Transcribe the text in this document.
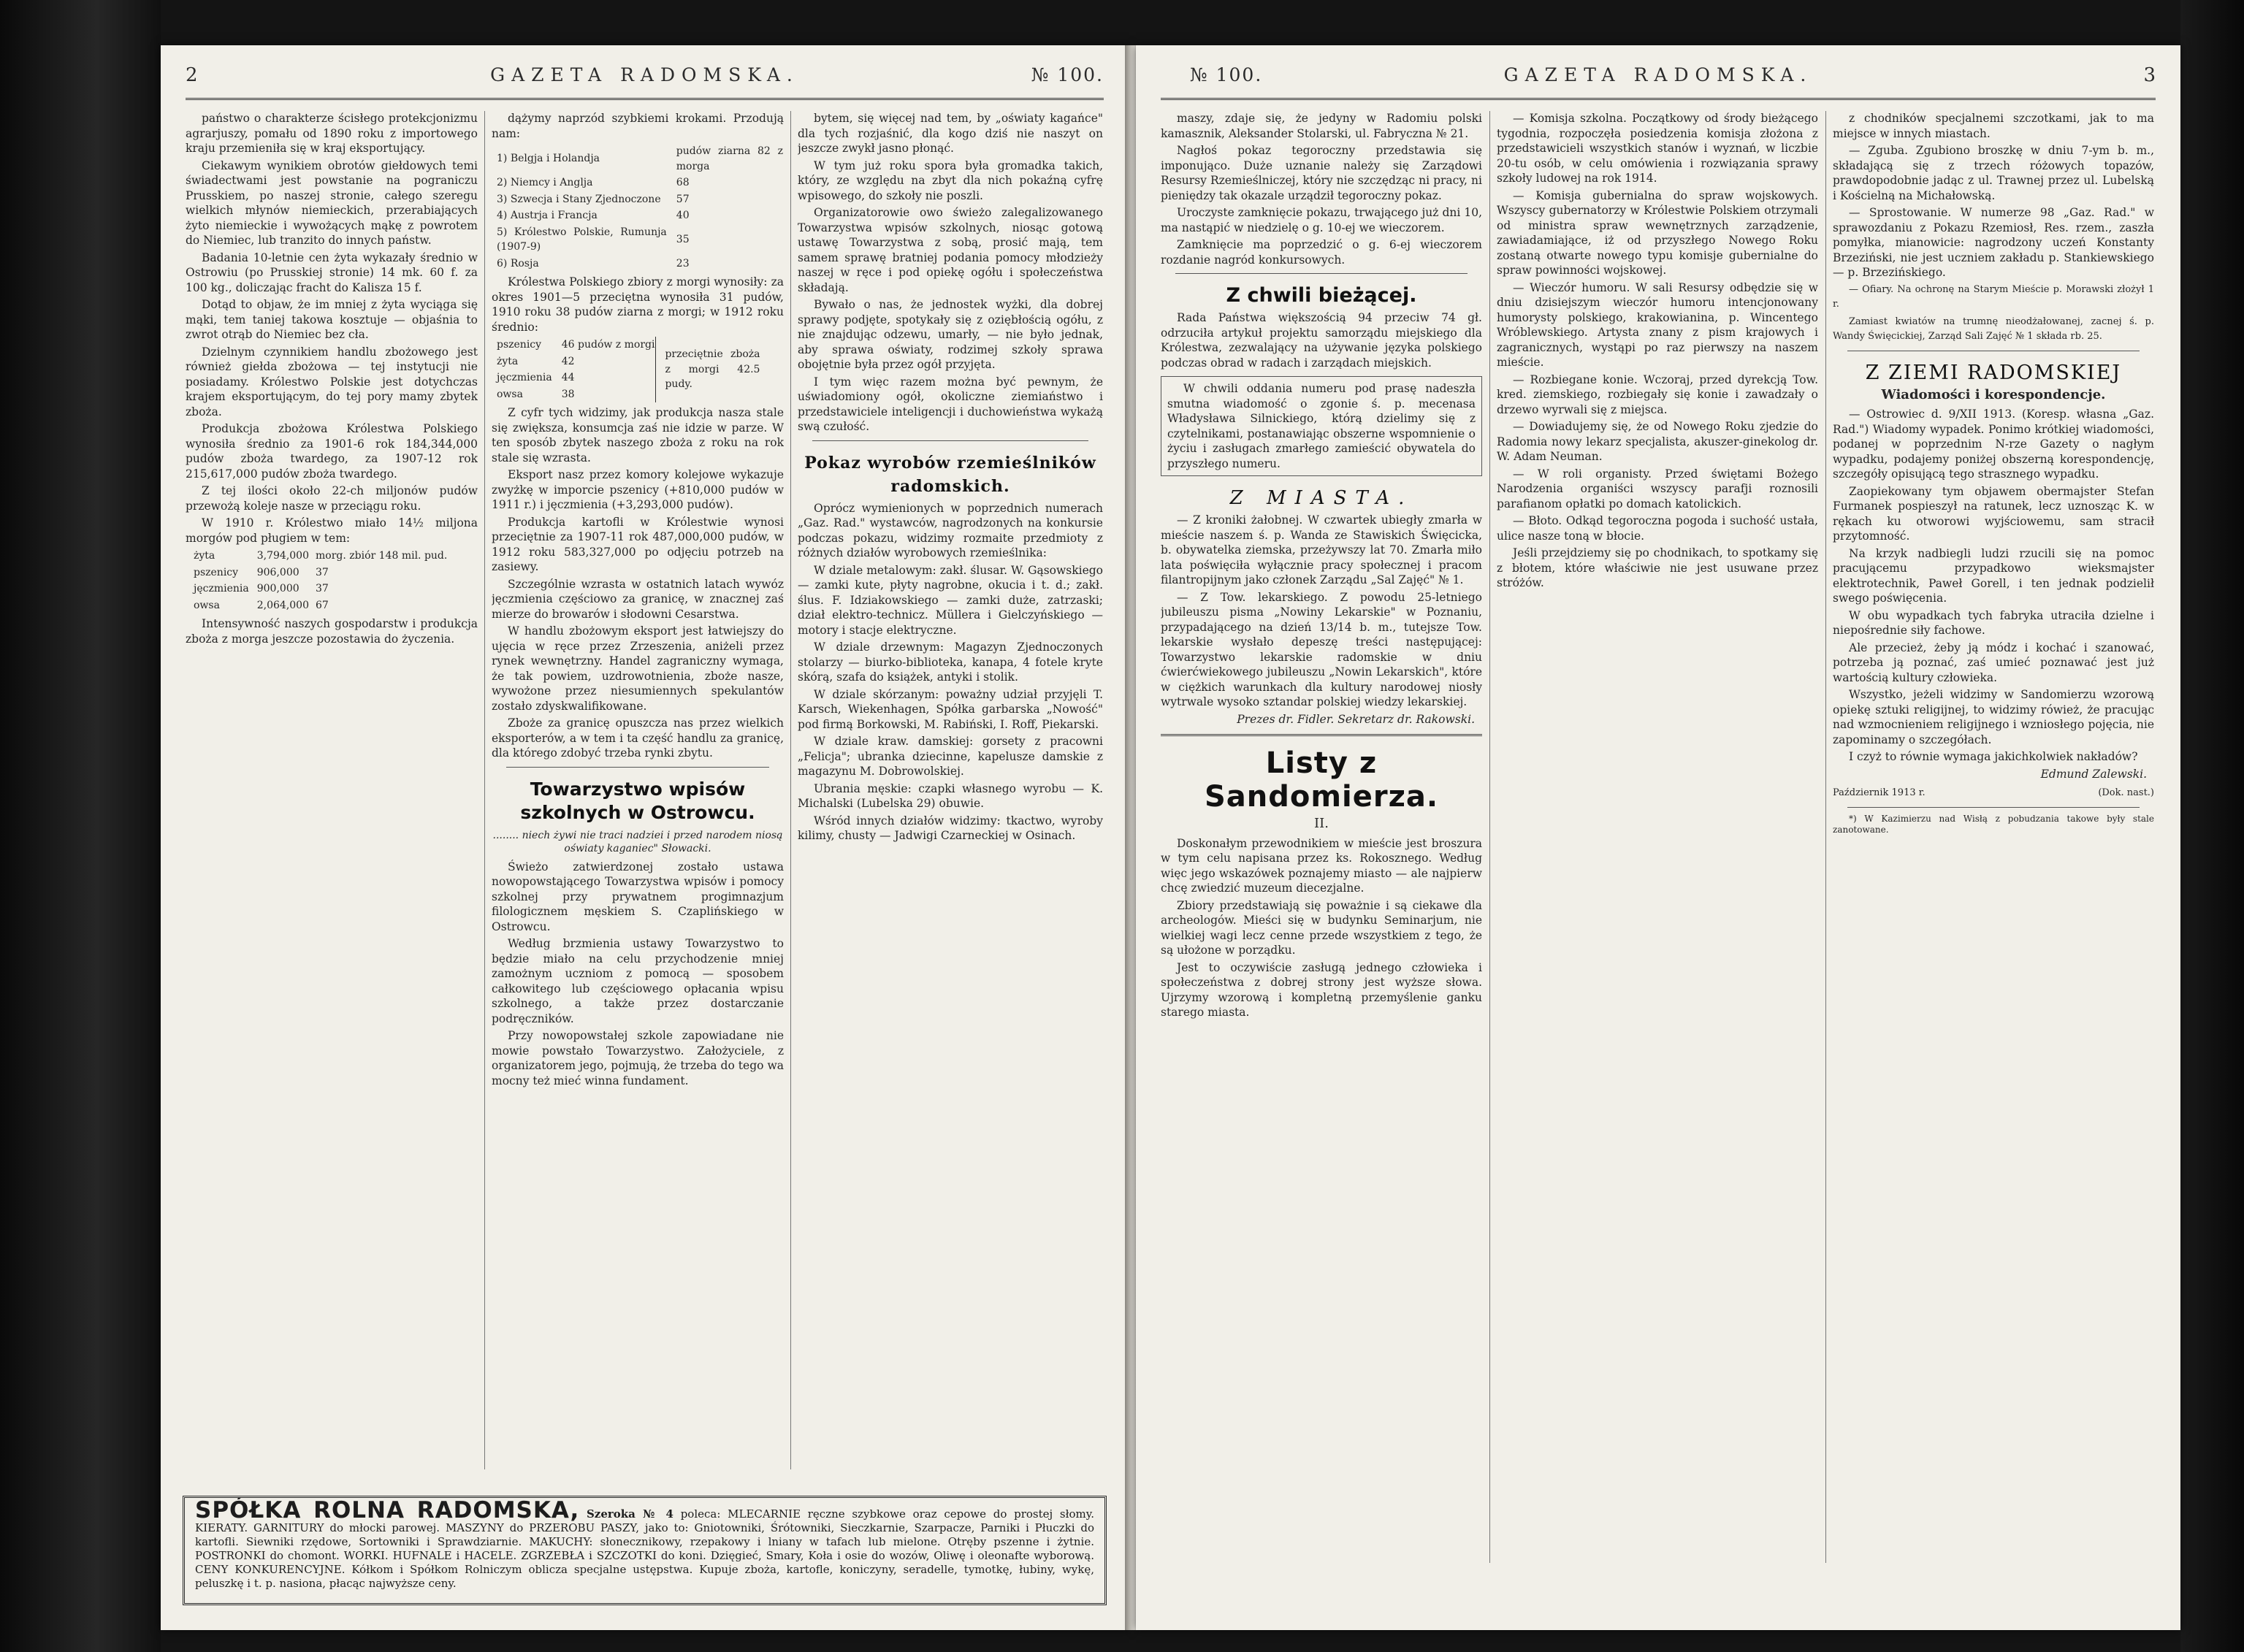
2	GAZETA RADOMSKA.	№ 100.

państwo o charakterze ścisłego protekcjonizmu agrarjuszy, pomału od 1890 roku z importowego kraju przemieniła się w kraj eksportujący.

Ciekawym wynikiem obrotów giełdowych temi świadectwami jest powstanie na pograniczu Prusskiem, po naszej stronie, całego szeregu wielkich młynów niemieckich, przerabiających żyto niemieckie i wywożących mąkę z powrotem do Niemiec, lub tranzito do innych państw.

Badania 10-letnie cen żyta wykazały średnio w Ostrowiu (po Prusskiej stronie) 14 mk. 60 f. za 100 kg., doliczając fracht do Kalisza 15 f.

Dotąd to objaw, że im mniej z żyta wyciąga się mąki, tem taniej takowa kosztuje — objaśnia to zwrot otrąb do Niemiec bez cła.

Dzielnym czynnikiem handlu zbożowego jest również giełda zbożowa — tej instytucji nie posiadamy. Królestwo Polskie jest dotychczas krajem eksportującym, do tej pory mamy zbytek zboża.

Produkcja zbożowa Królestwa Polskiego wynosiła średnio za 1901-6 rok 184,344,000 pudów zboża twardego, za 1907-12 rok 215,617,000 pudów zboża twardego.

Z tej ilości około 22-ch miljonów pudów przewożą koleje nasze w przeciągu roku.

W 1910 r. Królestwo miało 14½ miljona morgów pod pługiem w tem:

żyta	3,794,000	morg. zbiór 148 mil. pud.
pszenicy	906,000	37
jęczmienia	900,000	37
owsa	2,064,000	67

Intensywność naszych gospodarstw i produkcja zboża z morga jeszcze pozostawia do życzenia.

dążymy naprzód szybkiemi krokami. Przodują nam:

1) Belgja i Holandja	pudów ziarna 82 z morga
2) Niemcy i Anglja	68
3) Szwecja i Stany Zjednoczone	57
4) Austrja i Francja	40
5) Królestwo Polskie, Rumunja (1907-9)	35
6) Rosja	23

Królestwa Polskiego zbiory z morgi wynosiły: za okres 1901—5 przeciętna wynosiła 31 pudów, 1910 roku 38 pudów ziarna z morgi; w 1912 roku średnio:

pszenicy	46 pudów z morgi	przeciętnie zboża z morgi 42.5 pudy.
żyta	42	
jęczmienia	44	
owsa	38	

Z cyfr tych widzimy, jak produkcja nasza stale się zwiększa, konsumcja zaś nie idzie w parze. W ten sposób zbytek naszego zboża z roku na rok stale się wzrasta.

Eksport nasz przez komory kolejowe wykazuje zwyżkę w imporcie pszenicy (+810,000 pudów w 1911 r.) i jęczmienia (+3,293,000 pudów).

Produkcja kartofli w Królestwie wynosi przeciętnie za 1907-11 rok 487,000,000 pudów, w 1912 roku 583,327,000 po odjęciu potrzeb na zasiewy.

Szczególnie wzrasta w ostatnich latach wywóz jęczmienia częściowo za granicę, w znacznej zaś mierze do browarów i słodowni Cesarstwa.

W handlu zbożowym eksport jest łatwiejszy do ujęcia w ręce przez Zrzeszenia, aniżeli przez rynek wewnętrzny. Handel zagraniczny wymaga, że tak powiem, uzdrowotnienia, zboże nasze, wywożone przez niesumiennych spekulantów zostało zdyskwalifikowane.

Zboże za granicę opuszcza nas przez wielkich eksporterów, a w tem i ta część handlu za granicę, dla którego zdobyć trzeba rynki zbytu.

Towarzystwo wpisów szkolnych w Ostrowcu.
........ niech żywi nie traci nadziei i przed narodem niosą oświaty kaganiec" Słowacki.

Świeżo zatwierdzonej zostało ustawa nowopowstającego Towarzystwa wpisów i pomocy szkolnej przy prywatnem progimnazjum filologicznem męskiem S. Czaplińskiego w Ostrowcu.

Według brzmienia ustawy Towarzystwo to będzie miało na celu przychodzenie mniej zamożnym uczniom z pomocą — sposobem całkowitego lub częściowego opłacania wpisu szkolnego, a także przez dostarczanie podręczników.

Przy nowopowstałej szkole zapowiadane nie mowie powstało Towarzystwo. Założyciele, z organizatorem jego, pojmują, że trzeba do tego wa mocny też mieć winna fundament.

bytem, się więcej nad tem, by „oświaty kagańce" dla tych rozjaśnić, dla kogo dziś nie naszyt on jeszcze zwykł jasno płonąć.

W tym już roku spora była gromadka takich, który, ze względu na zbyt dla nich pokaźną cyfrę wpisowego, do szkoły nie poszli.

Organizatorowie owo świeżo zalegalizowanego Towarzystwa wpisów szkolnych, niosąc gotową ustawę Towarzystwa z sobą, prosić mają, tem samem sprawę bratniej podania pomocy młodzieży naszej w ręce i pod opiekę ogółu i społeczeństwa składają.

Bywało o nas, że jednostek wyżki, dla dobrej sprawy podjęte, spotykały się z oziębłością ogółu, z nie znajdując odzewu, umarły, — nie było jednak, aby sprawa oświaty, rodzimej szkoły sprawa obojętnie była przez ogół przyjęta.

I tym więc razem można być pewnym, że uświadomiony ogół, okoliczne ziemiaństwo i przedstawiciele inteligencji i duchowieństwa wykażą swą czułość.

Pokaz wyrobów rzemieślników radomskich.

Oprócz wymienionych w poprzednich numerach „Gaz. Rad." wystawców, nagrodzonych na konkursie podczas pokazu, widzimy rozmaite przedmioty z różnych działów wyrobowych rzemieślnika:

W dziale metalowym: zakł. ślusar. W. Gąsowskiego — zamki kute, płyty nagrobne, okucia i t. d.; zakł. ślus. F. Idziakowskiego — zamki duże, zatrzaski; dział elektro-technicz. Müllera i Gielczyńskiego — motory i stacje elektryczne.

W dziale drzewnym: Magazyn Zjednoczonych stolarzy — biurko-biblioteka, kanapa, 4 fotele kryte skórą, szafa do książek, antyki i stolik.

W dziale skórzanym: poważny udział przyjęli T. Karsch, Wiekenhagen, Spółka garbarska „Nowość" pod firmą Borkowski, M. Rabiński, I. Roff, Piekarski.

W dziale kraw. damskiej: gorsety z pracowni „Felicja"; ubranka dziecinne, kapelusze damskie z magazynu M. Dobrowolskiej.

Ubrania męskie: czapki własnego wyrobu — K. Michalski (Lubelska 29) obuwie.

Wśród innych działów widzimy: tkactwo, wyroby kilimy, chusty — Jadwigi Czarneckiej w Osinach.

SPÓŁKA ROLNA RADOMSKA, Szeroka № 4 poleca: MLECARNIE ręczne szybkowe oraz cepowe do prostej słomy. KIERATY. GARNITURY do młocki parowej. MASZYNY do PRZEROBU PASZY, jako to: Gniotowniki, Śrótowniki, Sieczkarnie, Szarpacze, Parniki i Płuczki do kartofli. Siewniki rzędowe, Sortowniki i Sprawdziarnie. MAKUCHY: słonecznikowy, rzepakowy i lniany w tafach lub mielone. Otręby pszenne i żytnie. POSTRONKI do chomont. WORKI. HUFNALE i HACELE. ZGRZEBŁA i SZCZOTKI do koni. Dzięgieć, Smary, Koła i osie do wozów, Oliwę i oleonafte wyborową. CENY KONKURENCYJNE. Kółkom i Spółkom Rolniczym oblicza specjalne ustępstwa. Kupuje zboża, kartofle, koniczyny, seradelle, tymotkę, łubiny, wykę, peluszkę i t. p. nasiona, płacąc najwyższe ceny.
№ 100.	GAZETA RADOMSKA.	3

maszy, zdaje się, że jedyny w Radomiu polski kamasznik, Aleksander Stolarski, ul. Fabryczna № 21.

Nagłoś pokaz tegoroczny przedstawia się imponująco. Duże uznanie należy się Zarządowi Resursy Rzemieślniczej, który nie szczędząc ni pracy, ni pieniędzy tak okazale urządził tegoroczny pokaz.

Uroczyste zamknięcie pokazu, trwającego już dni 10, ma nastąpić w niedzielę o g. 10-ej we wieczorem.

Zamknięcie ma poprzedzić o g. 6-ej wieczorem rozdanie nagród konkursowych.

Z chwili bieżącej.

Rada Państwa większością 94 przeciw 74 gł. odrzuciła artykuł projektu samorządu miejskiego dla Królestwa, zezwalający na używanie języka polskiego podczas obrad w radach i zarządach miejskich.

W chwili oddania numeru pod prasę nadeszła smutna wiadomość o zgonie ś. p. mecenasa Władysława Silnickiego, którą dzielimy się z czytelnikami, postanawiając obszerne wspomnienie o życiu i zasługach zmarłego zamieścić obywatela do przyszłego numeru.

Z MIASTA.

— Z kroniki żałobnej. W czwartek ubiegły zmarła w mieście naszem ś. p. Wanda ze Stawiskich Święcicka, b. obywatelka ziemska, przeżywszy lat 70. Zmarła miło lata poświęciła wyłącznie pracy społecznej i pracom filantropijnym jako członek Zarządu „Sal Zajęć" № 1.

— Z Tow. lekarskiego. Z powodu 25-letniego jubileuszu pisma „Nowiny Lekarskie" w Poznaniu, przypadającego na dzień 13/14 b. m., tutejsze Tow. lekarskie wysłało depeszę treści następującej: Towarzystwo lekarskie radomskie w dniu ćwierćwiekowego jubileuszu „Nowin Lekarskich", które w ciężkich warunkach dla kultury narodowej niosły wytrwale wysoko sztandar polskiej wiedzy lekarskiej.

Prezes dr. Fidler. Sekretarz dr. Rakowski.
Listy z Sandomierza.
II.

Doskonałym przewodnikiem w mieście jest broszura w tym celu napisana przez ks. Rokosznego. Według więc jego wskazówek poznajemy miasto — ale najpierw chcę zwiedzić muzeum diecezjalne.

Zbiory przedstawiają się poważnie i są ciekawe dla archeologów. Mieści się w budynku Seminarjum, nie wielkiej wagi lecz cenne przede wszystkiem z tego, że są ułożone w porządku.

Jest to oczywiście zasługą jednego człowieka i społeczeństwa z dobrej strony jest wyższe słowa. Ujrzymy wzorową i kompletną przemyślenie ganku starego miasta.

— Komisja szkolna. Początkowy od środy bieżącego tygodnia, rozpoczęła posiedzenia komisja złożona z przedstawicieli wszystkich stanów i wyznań, w liczbie 20-tu osób, w celu omówienia i rozwiązania sprawy szkoły ludowej na rok 1914.

— Komisja gubernialna do spraw wojskowych. Wszyscy gubernatorzy w Królestwie Polskiem otrzymali od ministra spraw wewnętrznych zarządzenie, zawiadamiające, iż od przyszłego Nowego Roku zostaną otwarte nowego typu komisje gubernialne do spraw powinności wojskowej.

— Wieczór humoru. W sali Resursy odbędzie się w dniu dzisiejszym wieczór humoru intencjonowany humorysty polskiego, krakowianina, p. Wincentego Wróblewskiego. Artysta znany z pism krajowych i zagranicznych, wystąpi po raz pierwszy na naszem mieście.

— Rozbiegane konie. Wczoraj, przed dyrekcją Tow. kred. ziemskiego, rozbiegały się konie i zawadzały o drzewo wyrwali się z miejsca.

— Dowiadujemy się, że od Nowego Roku zjedzie do Radomia nowy lekarz specjalista, akuszer-ginekolog dr. W. Adam Neuman.

— W roli organisty. Przed świętami Bożego Narodzenia organiści wszyscy parafji roznosili parafianom opłatki po domach katolickich.

— Błoto. Odkąd tegoroczna pogoda i suchość ustała, ulice nasze toną w błocie.

Jeśli przejdziemy się po chodnikach, to spotkamy się z błotem, które właściwie nie jest usuwane przez stróżów.

z chodników specjalnemi szczotkami, jak to ma miejsce w innych miastach.

— Zguba. Zgubiono broszkę w dniu 7-ym b. m., składającą się z trzech różowych topazów, prawdopodobnie jadąc z ul. Trawnej przez ul. Lubelską i Kościelną na Michałowską.

— Sprostowanie. W numerze 98 „Gaz. Rad." w sprawozdaniu z Pokazu Rzemiosł, Res. rzem., zaszła pomyłka, mianowicie: nagrodzony uczeń Konstanty Brzeziński, nie jest uczniem zakładu p. Stankiewskiego — p. Brzezińskiego.

— Ofiary. Na ochronę na Starym Mieście p. Morawski złożył 1 r.

Zamiast kwiatów na trumnę nieodżałowanej, zacnej ś. p. Wandy Święcickiej, Zarząd Sali Zajęć № 1 składa rb. 25.

Z ZIEMI RADOMSKIEJ
Wiadomości i korespondencje.

— Ostrowiec d. 9/XII 1913. (Koresp. własna „Gaz. Rad.") Wiadomy wypadek. Ponimo krótkiej wiadomości, podanej w poprzednim N-rze Gazety o nagłym wypadku, podajemy poniżej obszerną korespondencję, szczegóły opisującą tego strasznego wypadku.

Zaopiekowany tym objawem obermajster Stefan Furmanek pospieszył na ratunek, lecz uznosząc K. w rękach ku otworowi wyjściowemu, sam stracił przytomność.

Na krzyk nadbiegli ludzi rzucili się na pomoc pracującemu przypadkowo wieksmajster elektrotechnik, Paweł Gorell, i ten jednak podzielił swego poświęcenia.

W obu wypadkach tych fabryka utraciła dzielne i niepośrednie siły fachowe.

Ale przecież, żeby ją módz i kochać i szanować, potrzeba ją poznać, zaś umieć poznawać jest już wartością kultury człowieka.

Wszystko, jeżeli widzimy w Sandomierzu wzorową opiekę sztuki religijnej, to widzimy rówież, że pracując nad wzmocnieniem religijnego i wzniosłego pojęcia, nie zapominamy o szczegółach.

I czyż to równie wymaga jakichkolwiek nakładów?

Edmund Zalewski.
Październik 1913 r.	(Dok. nast.)

*) W Kazimierzu nad Wisłą z pobudzania takowe były stale zanotowane.
